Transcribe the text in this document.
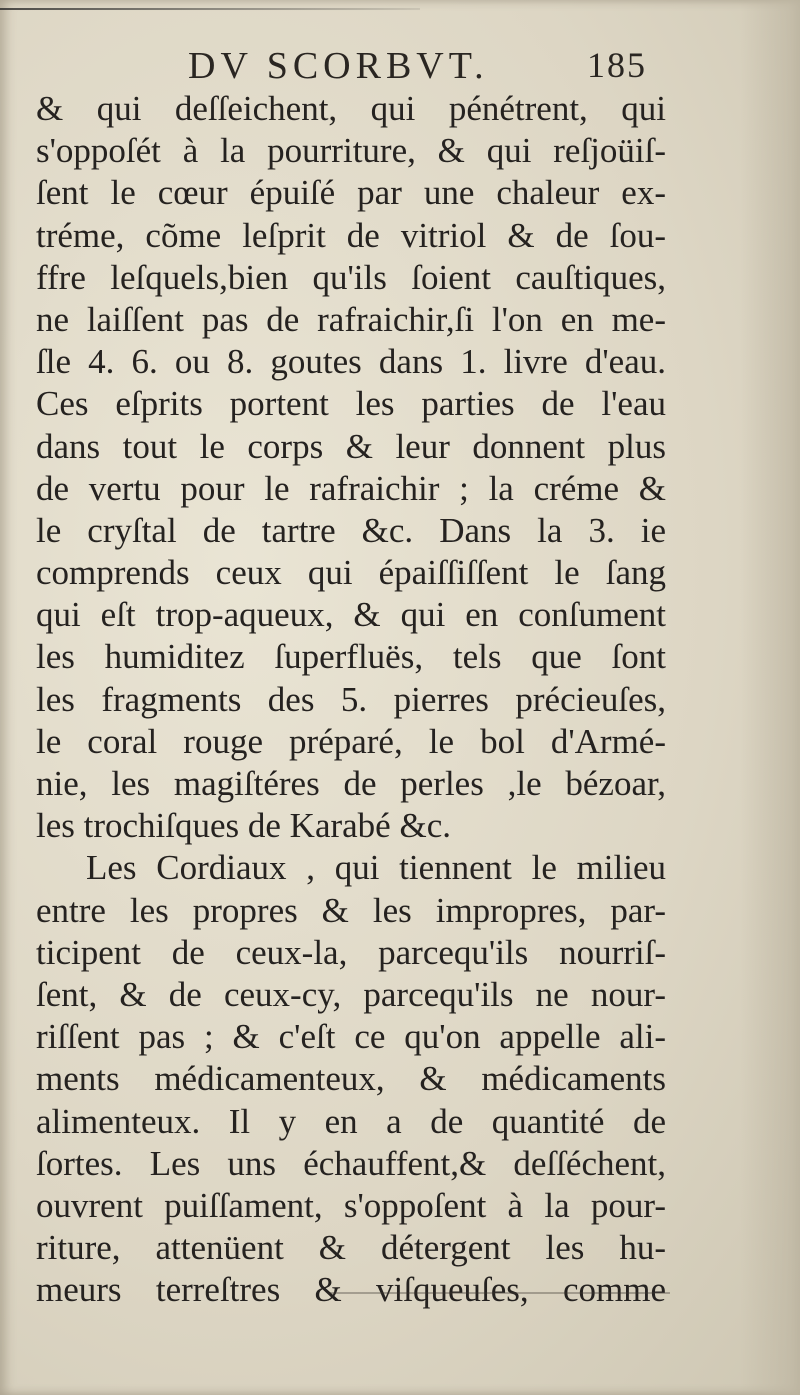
DV SCORBVT.	185
& qui deſſeichent, qui pénétrent, qui
s'oppoſét à la pourriture, & qui reſjoüiſ-
ſent le cœur épuiſé par une chaleur ex-
tréme, cõme leſprit de vitriol & de ſou-
ffre leſquels,bien qu'ils ſoient cauſtiques,
ne laiſſent pas de rafraichir,ſi l'on en me-
ſle 4. 6. ou 8. goutes dans 1. livre d'eau.
Ces eſprits portent les parties de l'eau
dans tout le corps & leur donnent plus
de vertu pour le rafraichir ; la créme &
le cryſtal de tartre &c. Dans la 3. ie
comprends ceux qui épaiſſiſſent le ſang
qui eſt trop-aqueux, & qui en conſument
les humiditez ſuperfluës, tels que ſont
les fragments des 5. pierres précieuſes,
le coral rouge préparé, le bol d'Armé-
nie, les magiſtéres de perles ,le bézoar,
les trochiſques de Karabé &c.
Les Cordiaux , qui tiennent le milieu
entre les propres & les impropres, par-
ticipent de ceux-la, parcequ'ils nourriſ-
ſent, & de ceux-cy, parcequ'ils ne nour-
riſſent pas ; & c'eſt ce qu'on appelle ali-
ments médicamenteux, & médicaments
alimenteux. Il y en a de quantité de
ſortes. Les uns échauffent,& deſſéchent,
ouvrent puiſſament, s'oppoſent à la pour-
riture, attenüent & détergent les hu-
meurs terreſtres & viſqueuſes, comme
